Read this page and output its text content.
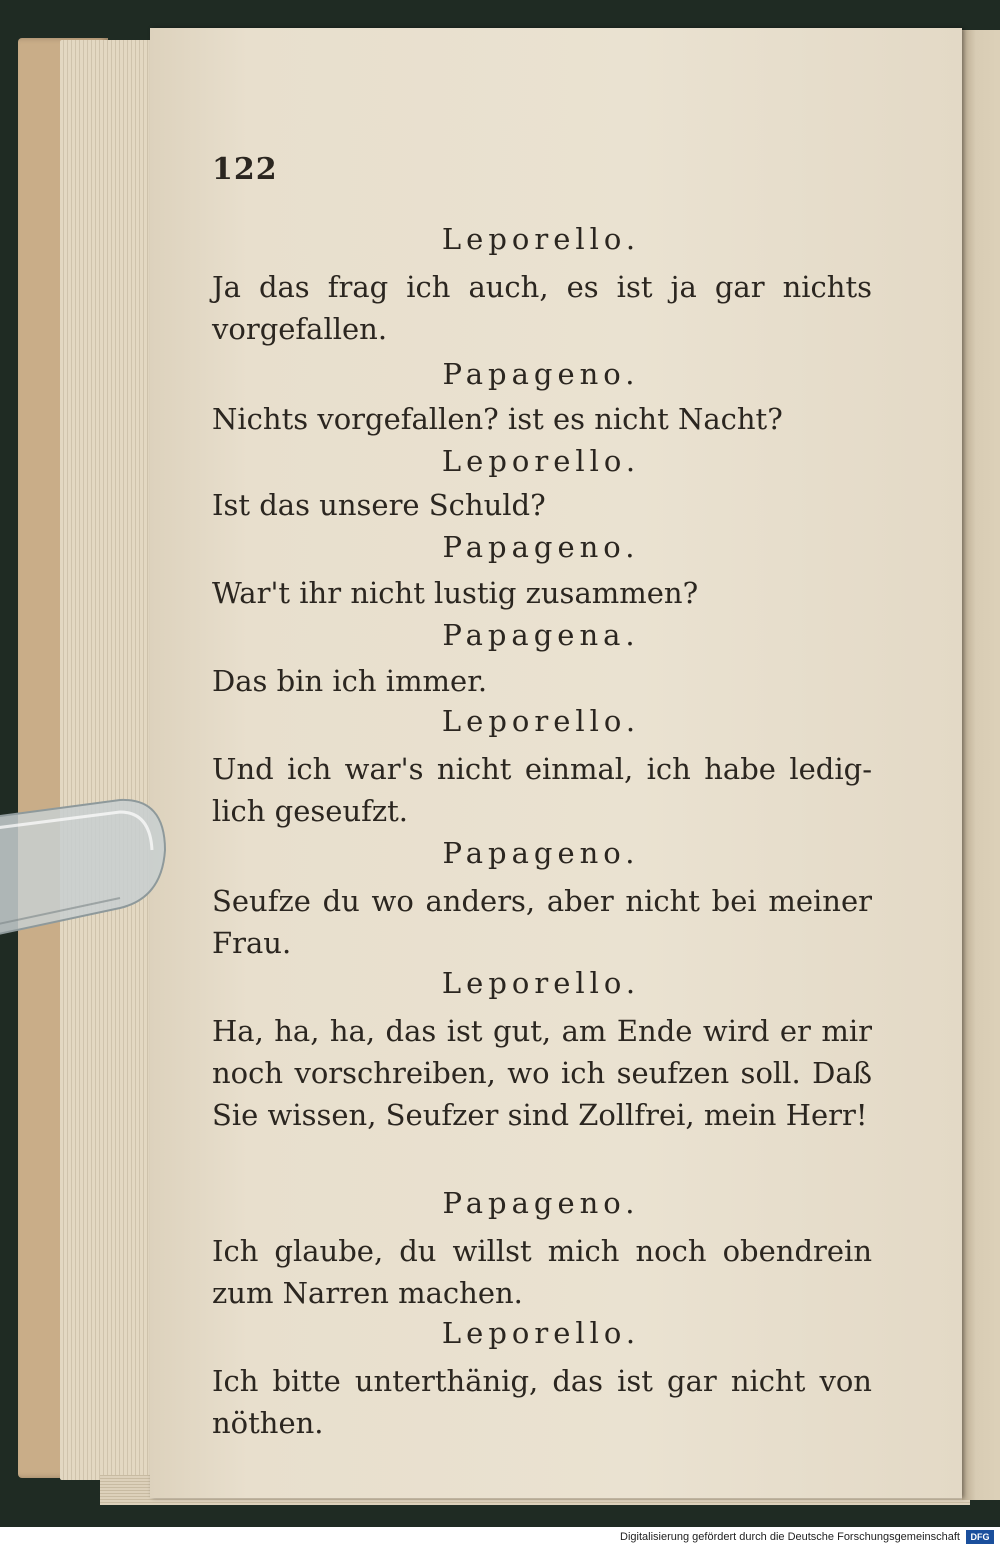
122
Leporello.
Ja das frag ich auch, es ist ja gar nichts vorgefallen.
Papageno.
Nichts vorgefallen? ist es nicht Nacht?
Leporello.
Ist das unsere Schuld?
Papageno.
War't ihr nicht lustig zusammen?
Papagena.
Das bin ich immer.
Leporello.
Und ich war's nicht einmal, ich habe ledig-lich geseufzt.
Papageno.
Seufze du wo anders, aber nicht bei meiner Frau.
Leporello.
Ha, ha, ha, das ist gut, am Ende wird er mir noch vorschreiben, wo ich seufzen soll. Daß Sie wissen, Seufzer sind Zollfrei, mein Herr!
Papageno.
Ich glaube, du willst mich noch obendrein zum Narren machen.
Leporello.
Ich bitte unterthänig, das ist gar nicht von nöthen.
Digitalisierung gefördert durch die Deutsche Forschungsgemeinschaft	DFG
